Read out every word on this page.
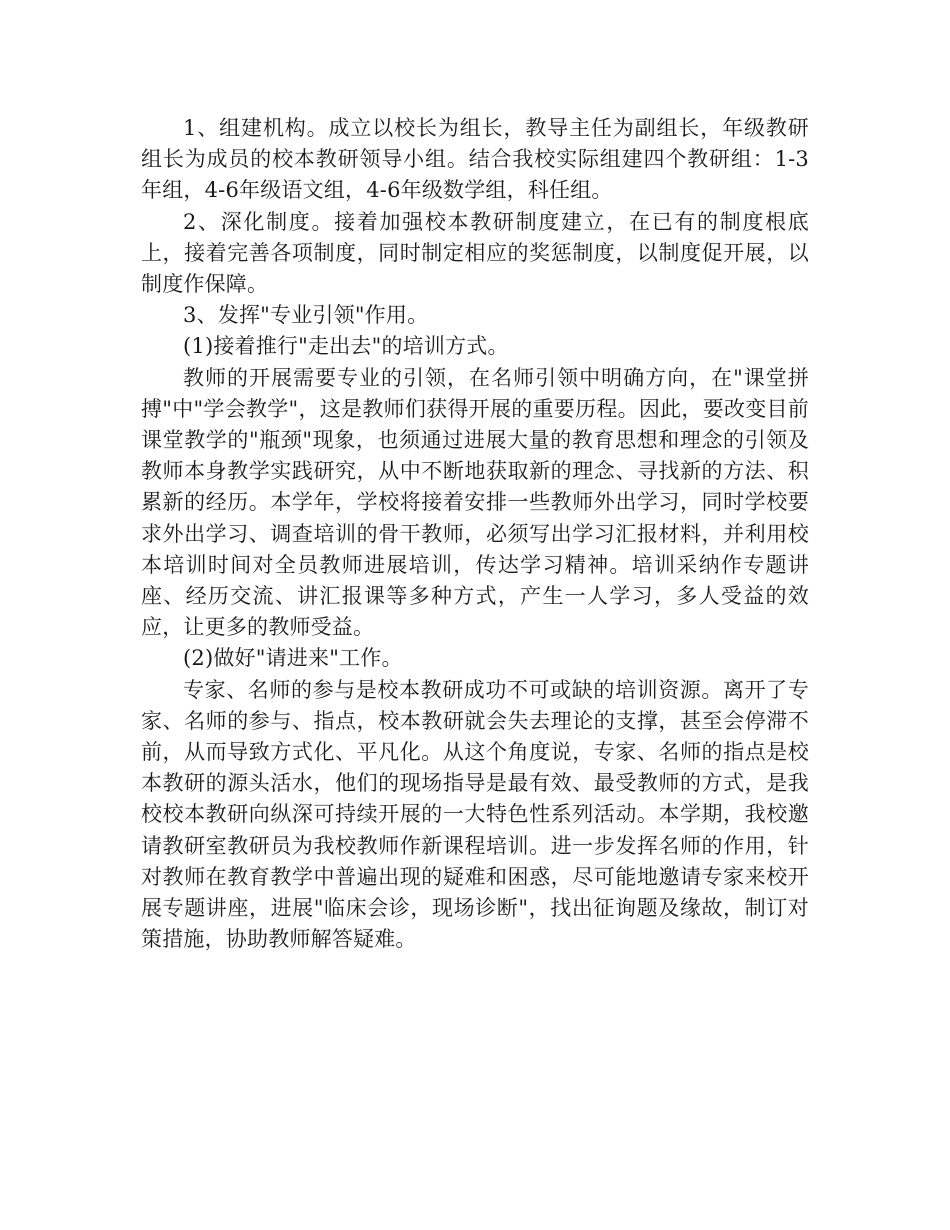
1、组建机构。成立以校长为组长，教导主任为副组长，年级教研组长为成员的校本教研领导小组。结合我校实际组建四个教研组：1-3年组，4-6年级语文组，4-6年级数学组，科任组。

2、深化制度。接着加强校本教研制度建立，在已有的制度根底上，接着完善各项制度，同时制定相应的奖惩制度，以制度促开展，以制度作保障。

3、发挥"专业引领"作用。

(1)接着推行"走出去"的培训方式。

教师的开展需要专业的引领，在名师引领中明确方向，在"课堂拼搏"中"学会教学"，这是教师们获得开展的重要历程。因此，要改变目前课堂教学的"瓶颈"现象，也须通过进展大量的教育思想和理念的引领及教师本身教学实践研究，从中不断地获取新的理念、寻找新的方法、积累新的经历。本学年，学校将接着安排一些教师外出学习，同时学校要求外出学习、调查培训的骨干教师，必须写出学习汇报材料，并利用校本培训时间对全员教师进展培训，传达学习精神。培训采纳作专题讲座、经历交流、讲汇报课等多种方式，产生一人学习，多人受益的效应，让更多的教师受益。

(2)做好"请进来"工作。

专家、名师的参与是校本教研成功不可或缺的培训资源。离开了专家、名师的参与、指点，校本教研就会失去理论的支撑，甚至会停滞不前，从而导致方式化、平凡化。从这个角度说，专家、名师的指点是校本教研的源头活水，他们的现场指导是最有效、最受教师的方式，是我校校本教研向纵深可持续开展的一大特色性系列活动。本学期，我校邀请教研室教研员为我校教师作新课程培训。进一步发挥名师的作用，针对教师在教育教学中普遍出现的疑难和困惑，尽可能地邀请专家来校开展专题讲座，进展"临床会诊，现场诊断"，找出征询题及缘故，制订对策措施，协助教师解答疑难。
